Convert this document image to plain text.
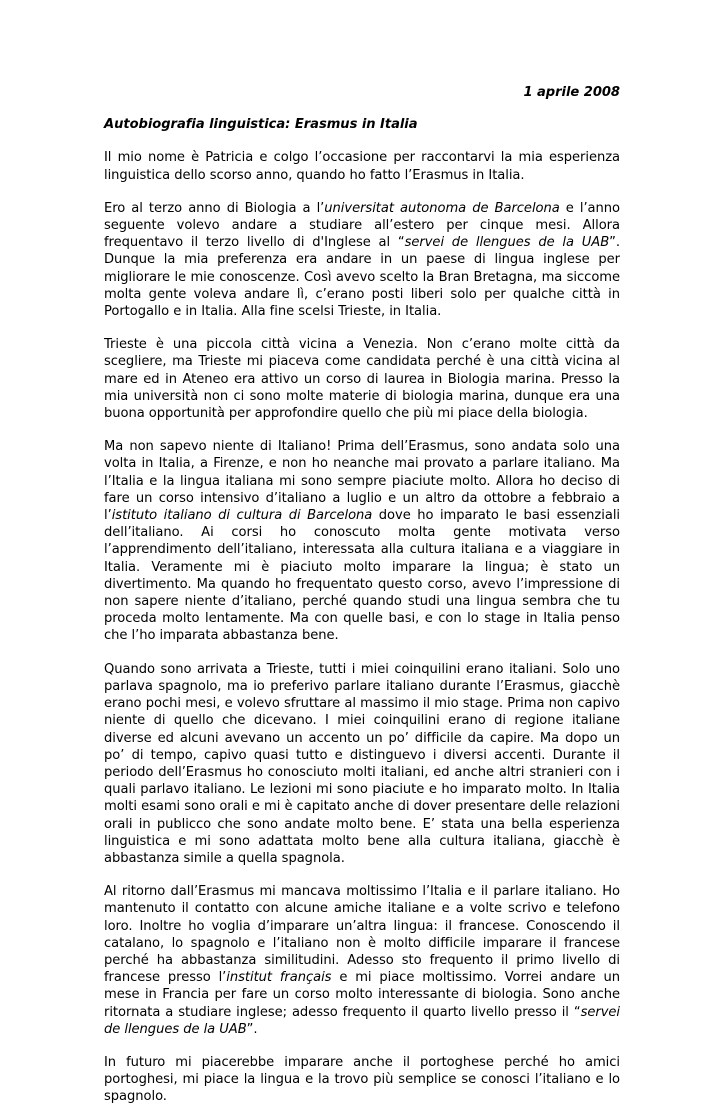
1 aprile 2008
Autobiografia linguistica: Erasmus in Italia

Il mio nome è Patricia e colgo l’occasione per raccontarvi la mia esperienza linguistica dello scorso anno, quando ho fatto l’Erasmus in Italia.

Ero al terzo anno di Biologia a l’universitat autonoma de Barcelona e l’anno seguente volevo andare a studiare all’estero per cinque mesi. Allora frequentavo il terzo livello di d'Inglese al “servei de llengues de la UAB”. Dunque la mia preferenza era andare in un paese di lingua inglese per migliorare le mie conoscenze. Così avevo scelto la Bran Bretagna, ma siccome molta gente voleva andare lì, c’erano posti liberi solo per qualche città in Portogallo e in Italia. Alla fine scelsi Trieste, in Italia.

Trieste è una piccola città vicina a Venezia. Non c’erano molte città da scegliere, ma Trieste mi piaceva come candidata perché è una città vicina al mare ed in Ateneo era attivo un corso di laurea in Biologia marina. Presso la mia università non ci sono molte materie di biologia marina, dunque era una buona opportunità per approfondire quello che più mi piace della biologia.

Ma non sapevo niente di Italiano! Prima dell’Erasmus, sono andata solo una volta in Italia, a Firenze, e non ho neanche mai provato a parlare italiano. Ma l’Italia e la lingua italiana mi sono sempre piaciute molto. Allora ho deciso di fare un corso intensivo d’italiano a luglio e un altro da ottobre a febbraio a l’istituto italiano di cultura di Barcelona dove ho imparato le basi essenziali dell’italiano. Ai corsi ho conoscuto molta gente motivata verso l’apprendimento dell’italiano, interessata alla cultura italiana e a viaggiare in Italia. Veramente mi è piaciuto molto imparare la lingua; è stato un divertimento. Ma quando ho frequentato questo corso, avevo l’impressione di non sapere niente d’italiano, perché quando studi una lingua sembra che tu proceda molto lentamente. Ma con quelle basi, e con lo stage in Italia penso che l’ho imparata abbastanza bene.

Quando sono arrivata a Trieste, tutti i miei coinquilini erano italiani. Solo uno parlava spagnolo, ma io preferivo parlare italiano durante l’Erasmus, giacchè erano pochi mesi, e volevo sfruttare al massimo il mio stage. Prima non capivo niente di quello che dicevano. I miei coinquilini erano di regione italiane diverse ed alcuni avevano un accento un po’ difficile da capire. Ma dopo un po’ di tempo, capivo quasi tutto e distinguevo i diversi accenti. Durante il periodo dell’Erasmus ho conosciuto molti italiani, ed anche altri stranieri con i quali parlavo italiano. Le lezioni mi sono piaciute e ho imparato molto. In Italia molti esami sono orali e mi è capitato anche di dover presentare delle relazioni orali in publicco che sono andate molto bene. E’ stata una bella esperienza linguistica e mi sono adattata molto bene alla cultura italiana, giacchè è abbastanza simile a quella spagnola.

Al ritorno dall’Erasmus mi mancava moltissimo l’Italia e il parlare italiano. Ho mantenuto il contatto con alcune amiche italiane e a volte scrivo e telefono loro. Inoltre ho voglia d’imparare un’altra lingua: il francese. Conoscendo il catalano, lo spagnolo e l’italiano non è molto difficile imparare il francese perché ha abbastanza similitudini. Adesso sto frequento il primo livello di francese presso l’institut français e mi piace moltissimo. Vorrei andare un mese in Francia per fare un corso molto interessante di biologia. Sono anche ritornata a studiare inglese; adesso frequento il quarto livello presso il “servei de llengues de la UAB”.

In futuro mi piacerebbe imparare anche il portoghese perché ho amici portoghesi, mi piace la lingua e la trovo più semplice se conosci l’italiano e lo spagnolo.
